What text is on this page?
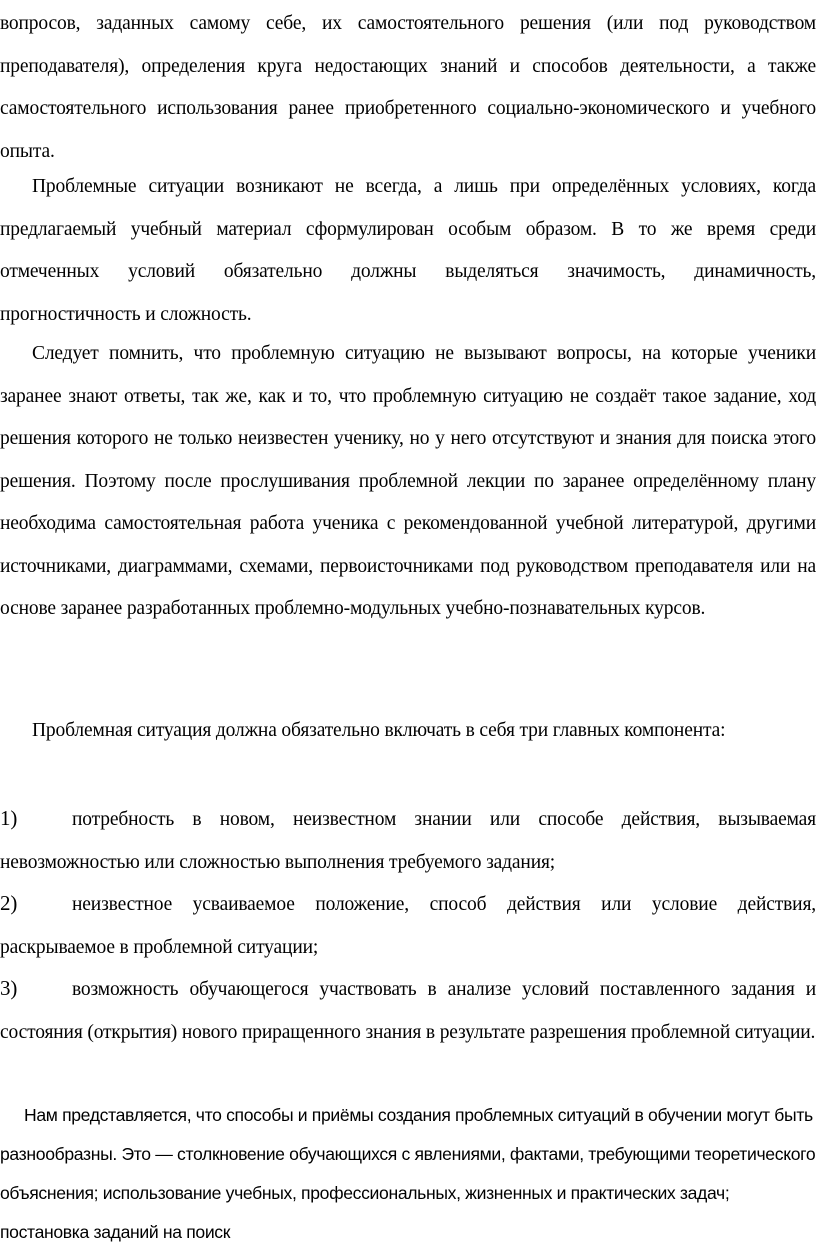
вопросов, заданных самому себе, их самостоятельного решения (или под руководством преподавателя), определения круга недостающих знаний и способов деятельности, а также самостоятельного использования ранее приобретенного социально-экономического и учебного опыта.

Проблемные ситуации возникают не всегда, а лишь при определённых условиях, когда предлагаемый учебный материал сформулирован особым образом. В то же время среди отмеченных условий обязательно должны выделяться значимость, динамичность, прогностичность и сложность.

Следует помнить, что проблемную ситуацию не вызывают вопросы, на которые ученики заранее знают ответы, так же, как и то, что проблемную ситуацию не создаёт такое задание, ход решения которого не только неизвестен ученику, но у него отсутствуют и знания для поиска этого решения. Поэтому после прослушивания проблемной лекции по заранее определённому плану необходима самостоятельная работа ученика с рекомендованной учебной литературой, другими источниками, диаграммами, схемами, первоисточниками под руководством преподавателя или на основе заранее разработанных проблемно-модульных учебно-познавательных курсов.

Проблемная ситуация должна обязательно включать в себя три главных компонента:

1)	потребность в новом, неизвестном знании или способе действия, вызываемая невозможностью или сложностью выполнения требуемого задания;

2)	неизвестное усваиваемое положение, способ действия или условие действия, раскрываемое в проблемной ситуации;

3)	возможность обучающегося участвовать в анализе условий поставленного задания и состояния (открытия) нового приращенного знания в результате разрешения проблемной ситуации.

Нам представляется, что способы и приёмы создания проблемных ситуаций в обучении могут быть разнообразны. Это — столкновение обучающихся с явлениями, фактами, требующими теоретического объяснения; использование учебных, профессиональных, жизненных и практических задач; постановка заданий на поиск
